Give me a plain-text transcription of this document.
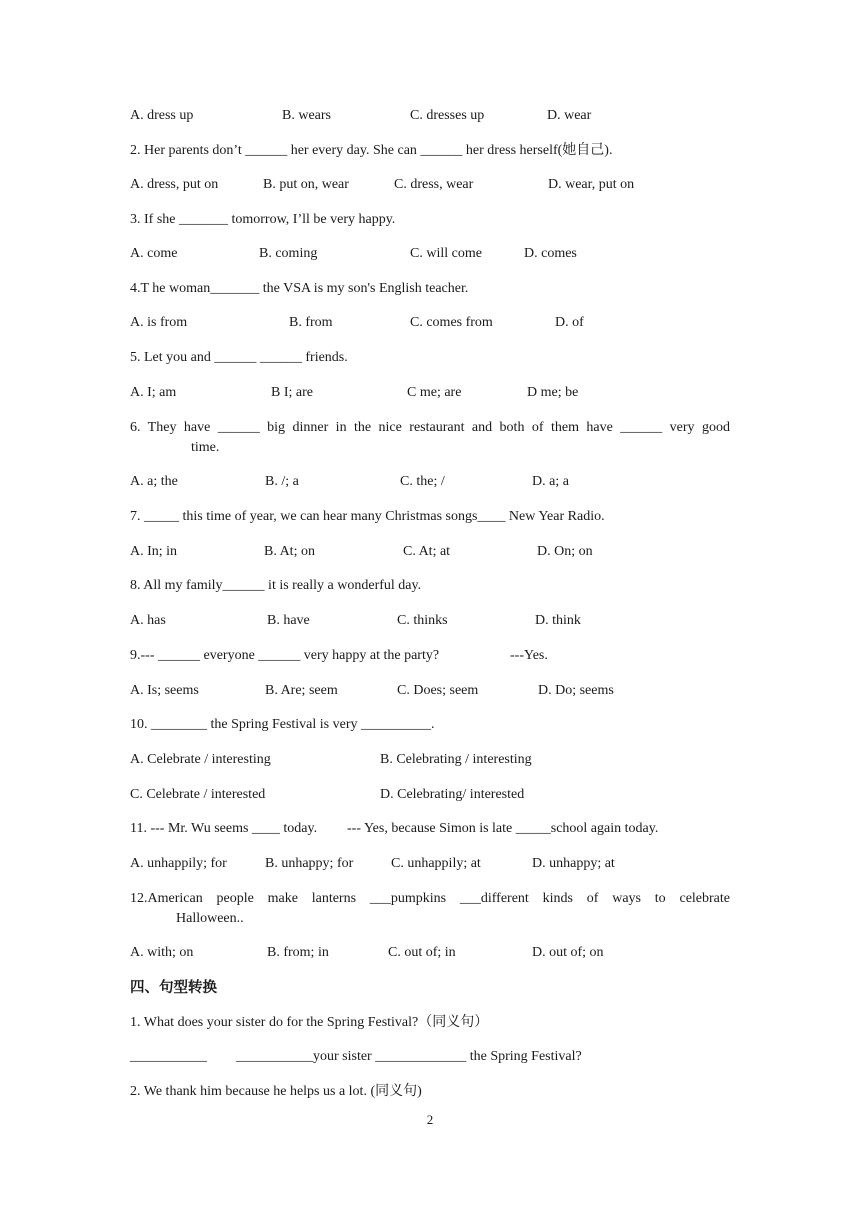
A. dress up	B. wears	C. dresses up	D. wear
2. Her parents don’t ______ her every day. She can ______ her dress herself(她自己).
A. dress, put on	B. put on, wear	C. dress, wear	D. wear, put on
3. If she _______ tomorrow, I’ll be very happy.
A. come	B. coming	C. will come	D. comes
4.T he woman_______ the VSA is my son's English teacher.
A. is from	B. from	C. comes from	D. of
5. Let you and ______ ______ friends.
A. I; am	B I; are	C me; are	D me; be
6. They have ______ big dinner in the nice restaurant and both of them have ______ very good
time.
A. a; the	B. /; a	C. the; /	D. a; a
7. _____ this time of year, we can hear many Christmas songs____ New Year Radio.
A. In; in	B. At; on	C. At; at	D. On; on
8. All my family______ it is really a wonderful day.
A. has	B. have	C. thinks	D. think
9.--- ______ everyone ______ very happy at the party?	---Yes.
A. Is; seems	B. Are; seem	C. Does; seem	D. Do; seems
10. ________ the Spring Festival is very __________.
A. Celebrate / interesting	B. Celebrating / interesting
C. Celebrate / interested	D. Celebrating/ interested
11. --- Mr. Wu seems ____ today. --- Yes, because Simon is late _____school again today.
A. unhappily; for	B. unhappy; for	C. unhappily; at	D. unhappy; at
12.American people make lanterns ___pumpkins ___different kinds of ways to celebrate
Halloween..
A. with; on	B. from; in	C. out of; in	D. out of; on
四、句型转换
1. What does your sister do for the Spring Festival?（同义句）
___________ ___________your sister _____________ the Spring Festival?
2. We thank him because he helps us a lot. (同义句)
2
